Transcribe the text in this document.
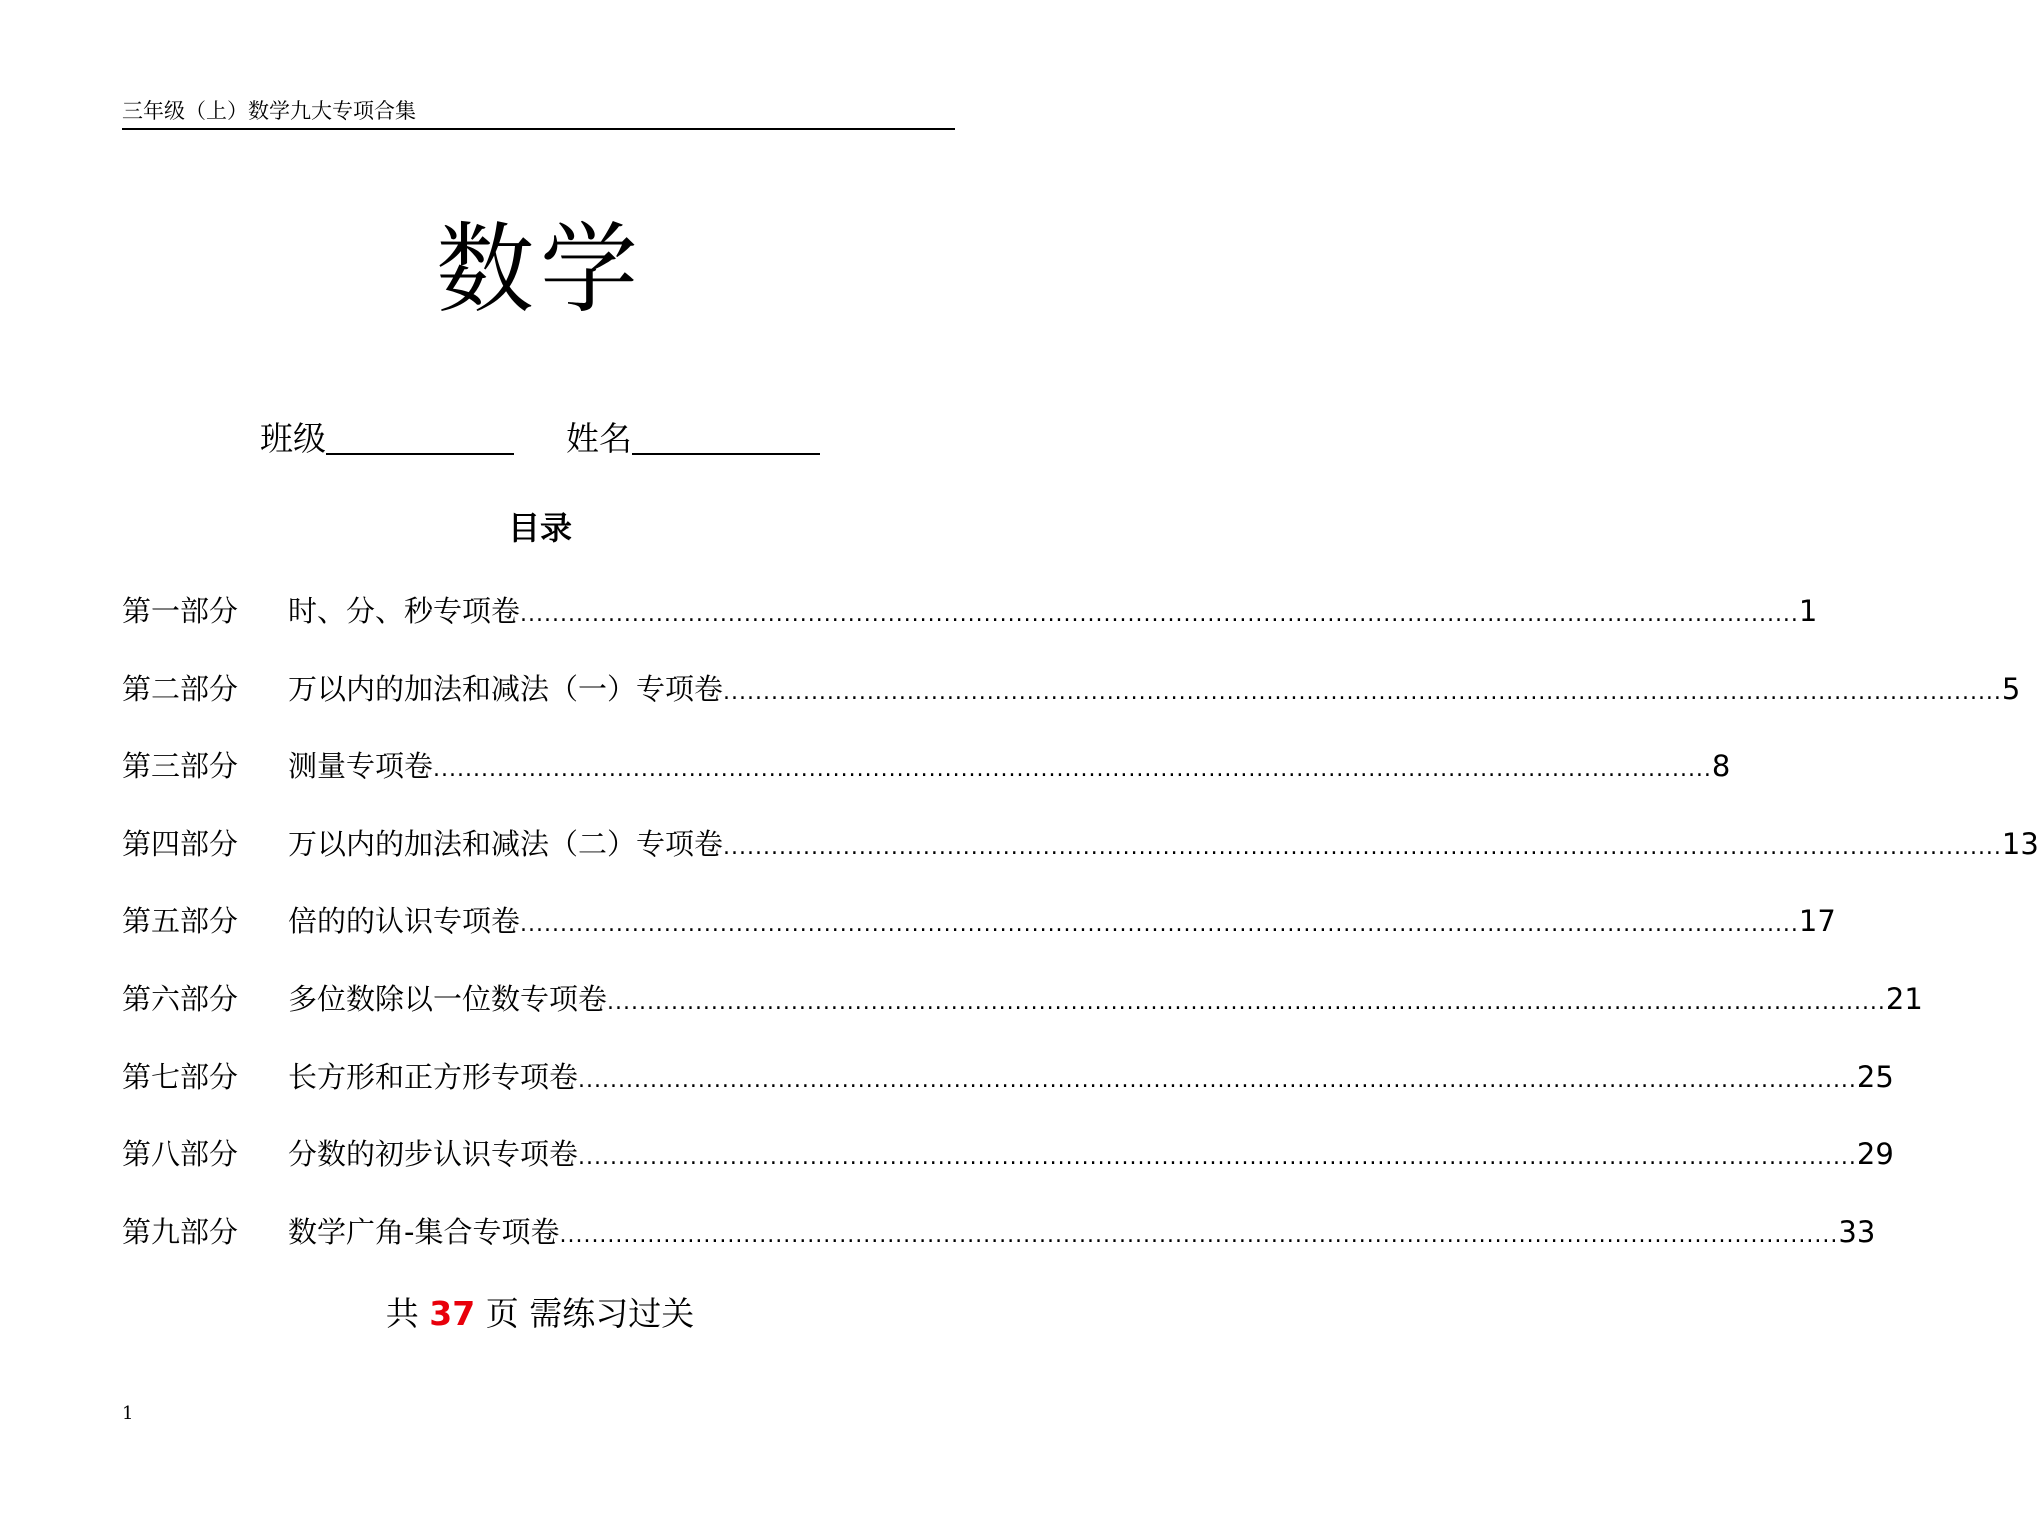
三年级（上）数学九大专项合集
数学
班级	姓名
目录
第一部分 时、分、秒专项卷 ................................................................................................................................................................ 1
第二部分 万以内的加法和减法（一）专项卷 ................................................................................................................................................................ 5
第三部分 测量专项卷 ................................................................................................................................................................ 8
第四部分 万以内的加法和减法（二）专项卷 ................................................................................................................................................................ 13
第五部分 倍的的认识专项卷 ................................................................................................................................................................ 17
第六部分 多位数除以一位数专项卷 ................................................................................................................................................................ 21
第七部分 长方形和正方形专项卷 ................................................................................................................................................................ 25
第八部分 分数的初步认识专项卷 ................................................................................................................................................................ 29
第九部分 数学广角-集合专项卷 ................................................................................................................................................................ 33
共 37 页 需练习过关
1
